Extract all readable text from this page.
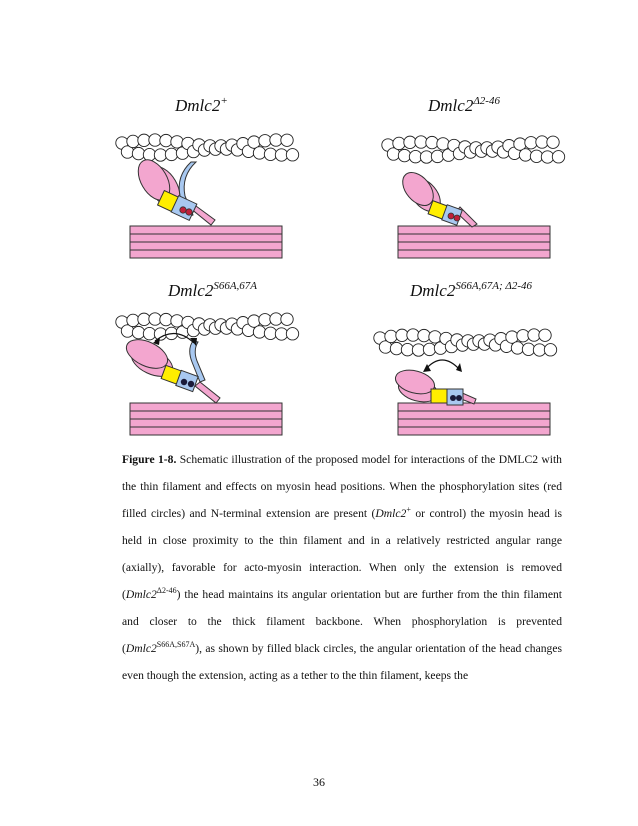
Dmlc2+	$Dmlc2^{\Delta 2-46}$
$Dmlc2^{S66A,67A}$	$Dmlc2^{S66A,67A; \Delta 2-46}$

Figure 1-8. Schematic illustration of the proposed model for interactions of the DMLC2 with the thin filament and effects on myosin head positions. When the phosphorylation sites (red filled circles) and N-terminal extension are present (Dmlc2+ or control) the myosin head is held in close proximity to the thin filament and in a relatively restricted angular range (axially), favorable for acto-myosin interaction. When only the extension is removed $(Dmlc2^{\Delta 2-46})$ the head maintains its angular orientation but are further from the thin filament and closer to the thick filament backbone. When phosphorylation is prevented $(Dmlc2^{S66A,S67A})$, as shown by filled black circles, the angular orientation of the head changes even though the extension, acting as a tether to the thin filament, keeps the

36
